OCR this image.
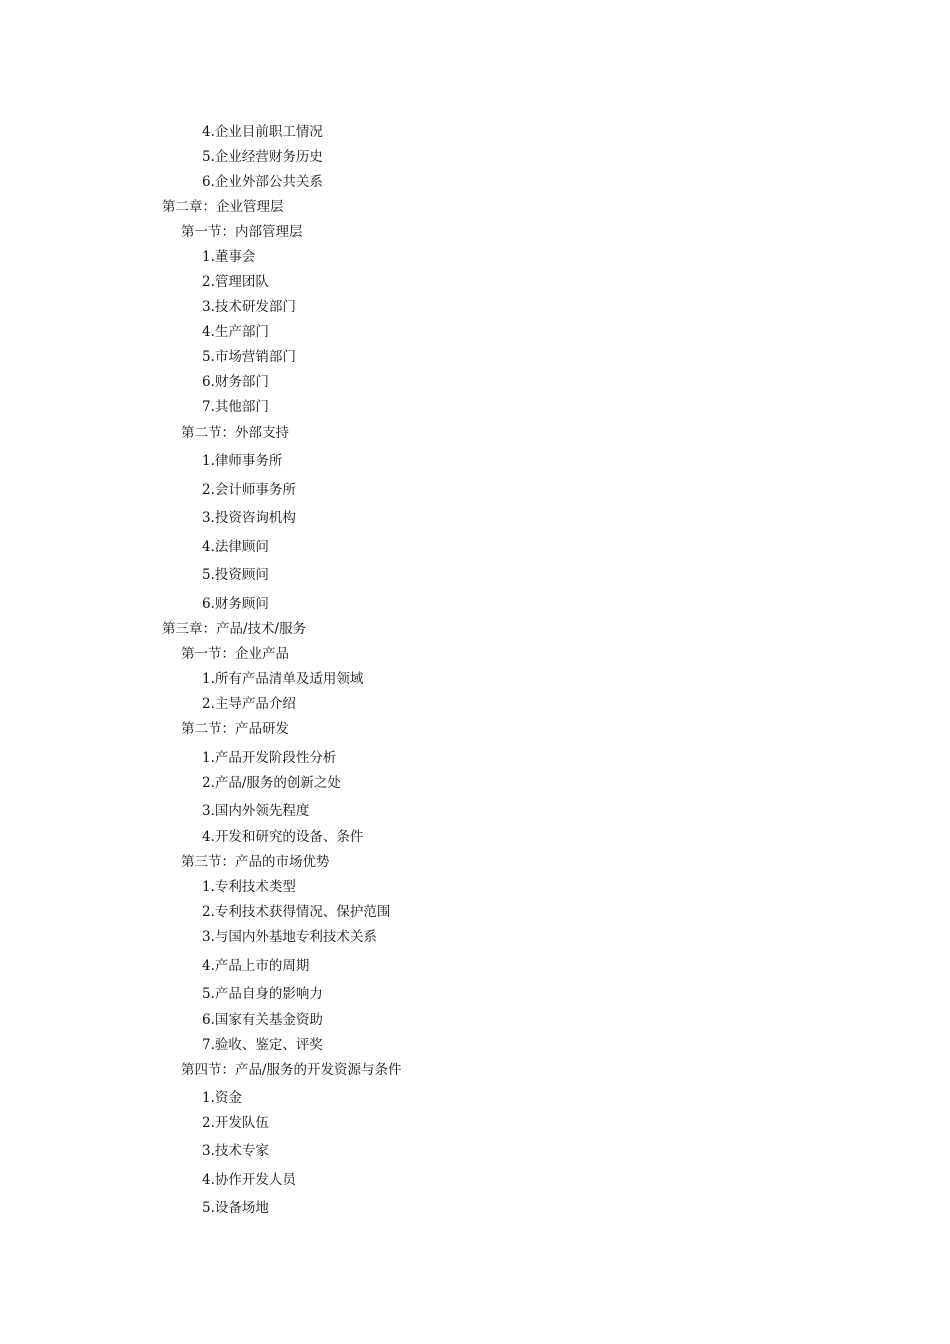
4.企业目前职工情况
5.企业经营财务历史
6.企业外部公共关系
第二章：企业管理层
第一节：内部管理层
1.董事会
2.管理团队
3.技术研发部门
4.生产部门
5.市场营销部门
6.财务部门
7.其他部门
第二节：外部支持
1.律师事务所
2.会计师事务所
3.投资咨询机构
4.法律顾问
5.投资顾问
6.财务顾问
第三章：产品/技术/服务
第一节：企业产品
1.所有产品清单及适用领域
2.主导产品介绍
第二节：产品研发
1.产品开发阶段性分析
2.产品/服务的创新之处
3.国内外领先程度
4.开发和研究的设备、条件
第三节：产品的市场优势
1.专利技术类型
2.专利技术获得情况、保护范围
3.与国内外基地专利技术关系
4.产品上市的周期
5.产品自身的影响力
6.国家有关基金资助
7.验收、鉴定、评奖
第四节：产品/服务的开发资源与条件
1.资金
2.开发队伍
3.技术专家
4.协作开发人员
5.设备场地
